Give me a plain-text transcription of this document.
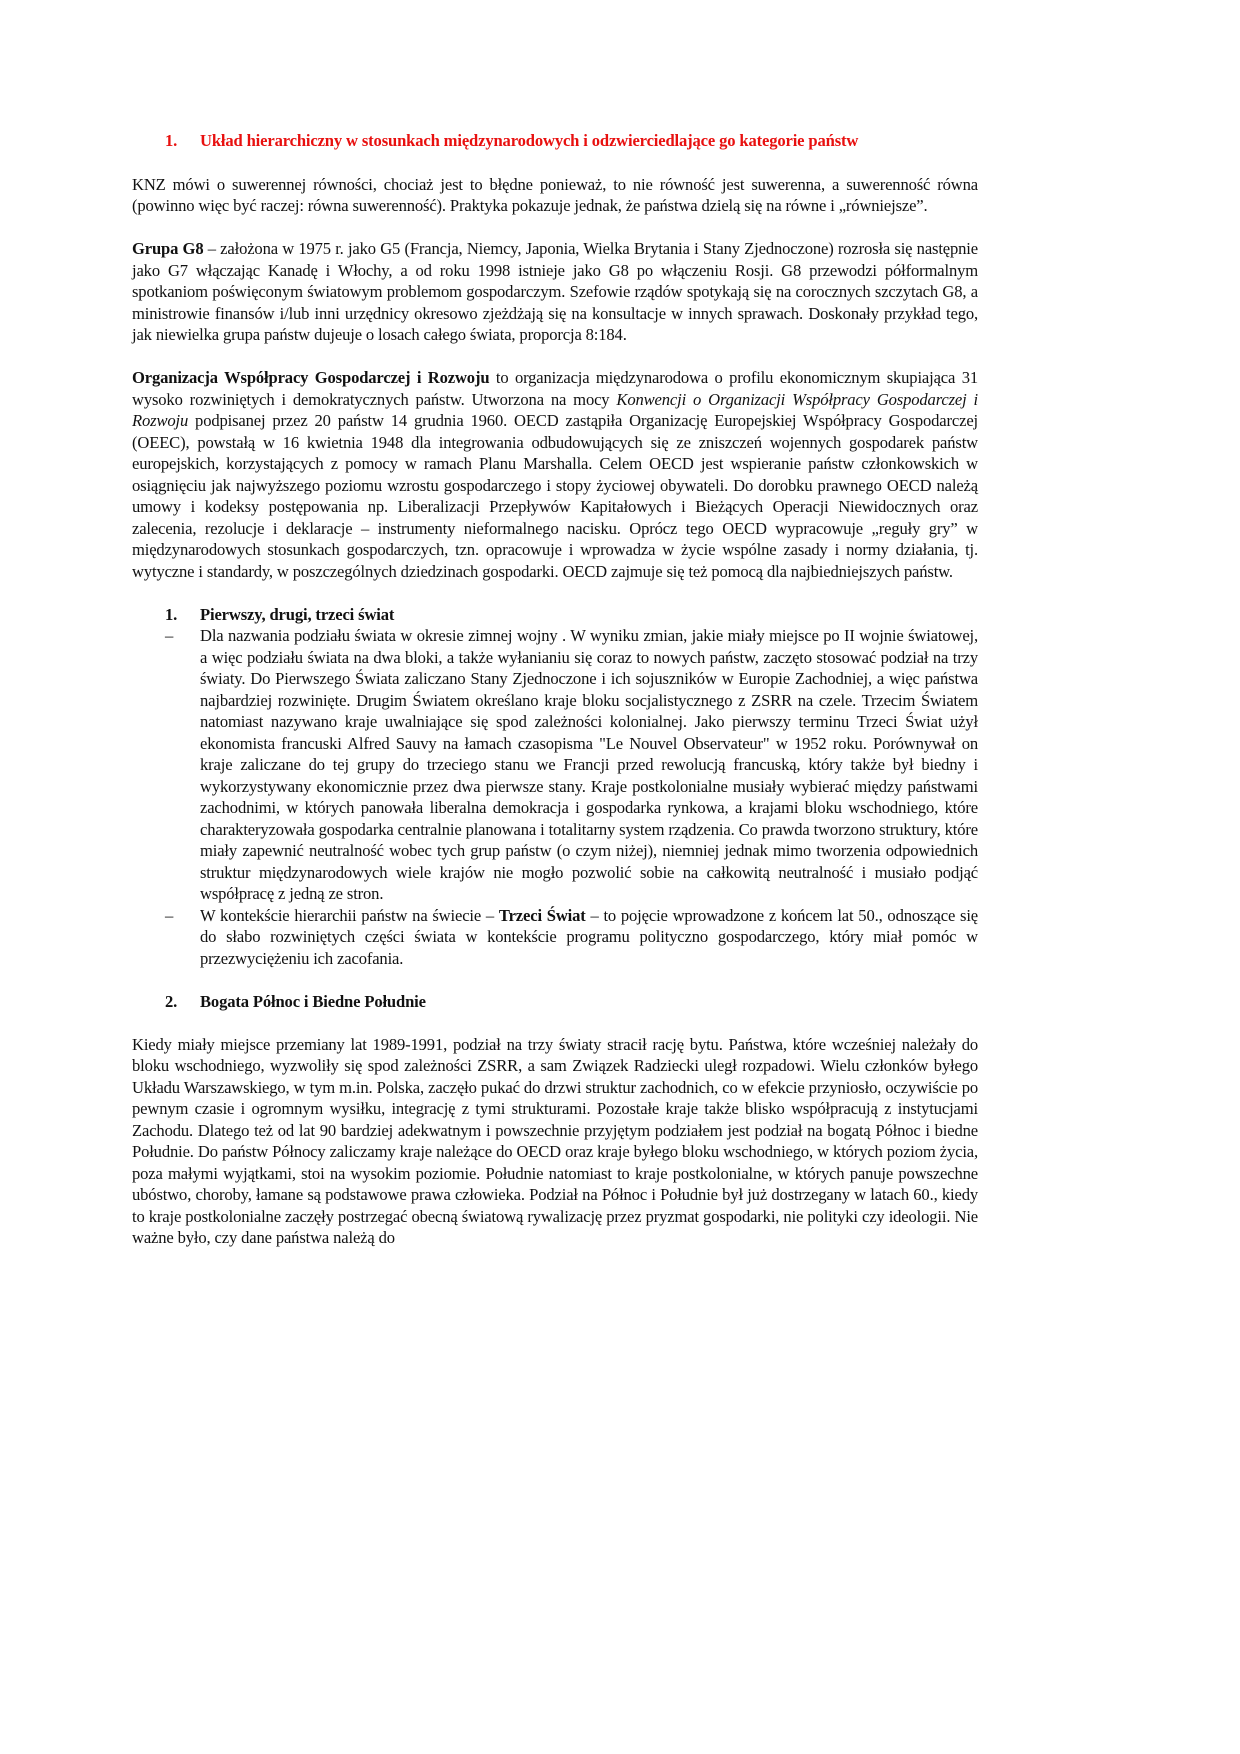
1.	Układ hierarchiczny w stosunkach międzynarodowych i odzwierciedlające go kategorie państw

KNZ mówi o suwerennej równości, chociaż jest to błędne ponieważ, to nie równość jest suwerenna, a suwerenność równa (powinno więc być raczej: równa suwerenność). Praktyka pokazuje jednak, że państwa dzielą się na równe i „równiejsze”.

Grupa G8 – założona w 1975 r. jako G5 (Francja, Niemcy, Japonia, Wielka Brytania i Stany Zjednoczone) rozrosła się następnie jako G7 włączając Kanadę i Włochy, a od roku 1998 istnieje jako G8 po włączeniu Rosji. G8 przewodzi półformalnym spotkaniom poświęconym światowym problemom gospodarczym. Szefowie rządów spotykają się na corocznych szczytach G8, a ministrowie finansów i/lub inni urzędnicy okresowo zjeżdżają się na konsultacje w innych sprawach. Doskonały przykład tego, jak niewielka grupa państw dujeuje o losach całego świata, proporcja 8:184.

Organizacja Współpracy Gospodarczej i Rozwoju to organizacja międzynarodowa o profilu ekonomicznym skupiająca 31 wysoko rozwiniętych i demokratycznych państw. Utworzona na mocy Konwencji o Organizacji Współpracy Gospodarczej i Rozwoju podpisanej przez 20 państw 14 grudnia 1960. OECD zastąpiła Organizację Europejskiej Współpracy Gospodarczej (OEEC), powstałą w 16 kwietnia 1948 dla integrowania odbudowujących się ze zniszczeń wojennych gospodarek państw europejskich, korzystających z pomocy w ramach Planu Marshalla. Celem OECD jest wspieranie państw członkowskich w osiągnięciu jak najwyższego poziomu wzrostu gospodarczego i stopy życiowej obywateli. Do dorobku prawnego OECD należą umowy i kodeksy postępowania np. Liberalizacji Przepływów Kapitałowych i Bieżących Operacji Niewidocznych oraz zalecenia, rezolucje i deklaracje – instrumenty nieformalnego nacisku. Oprócz tego OECD wypracowuje „reguły gry” w międzynarodowych stosunkach gospodarczych, tzn. opracowuje i wprowadza w życie wspólne zasady i normy działania, tj. wytyczne i standardy, w poszczególnych dziedzinach gospodarki. OECD zajmuje się też pomocą dla najbiedniejszych państw.

1.	Pierwszy, drugi, trzeci świat
–	Dla nazwania podziału świata w okresie zimnej wojny . W wyniku zmian, jakie miały miejsce po II wojnie światowej, a więc podziału świata na dwa bloki, a także wyłanianiu się coraz to nowych państw, zaczęto stosować podział na trzy światy. Do Pierwszego Świata zaliczano Stany Zjednoczone i ich sojuszników w Europie Zachodniej, a więc państwa najbardziej rozwinięte. Drugim Światem określano kraje bloku socjalistycznego z ZSRR na czele. Trzecim Światem natomiast nazywano kraje uwalniające się spod zależności kolonialnej. Jako pierwszy terminu Trzeci Świat użył ekonomista francuski Alfred Sauvy na łamach czasopisma "Le Nouvel Observateur" w 1952 roku. Porównywał on kraje zaliczane do tej grupy do trzeciego stanu we Francji przed rewolucją francuską, który także był biedny i wykorzystywany ekonomicznie przez dwa pierwsze stany. Kraje postkolonialne musiały wybierać między państwami zachodnimi, w których panowała liberalna demokracja i gospodarka rynkowa, a krajami bloku wschodniego, które charakteryzowała gospodarka centralnie planowana i totalitarny system rządzenia. Co prawda tworzono struktury, które miały zapewnić neutralność wobec tych grup państw (o czym niżej), niemniej jednak mimo tworzenia odpowiednich struktur międzynarodowych wiele krajów nie mogło pozwolić sobie na całkowitą neutralność i musiało podjąć współpracę z jedną ze stron.

–	W kontekście hierarchii państw na świecie – Trzeci Świat – to pojęcie wprowadzone z końcem lat 50., odnoszące się do słabo rozwiniętych części świata w kontekście programu polityczno gospodarczego, który miał pomóc w przezwyciężeniu ich zacofania.

2.	Bogata Północ i Biedne Południe

Kiedy miały miejsce przemiany lat 1989-1991, podział na trzy światy stracił rację bytu. Państwa, które wcześniej należały do bloku wschodniego, wyzwoliły się spod zależności ZSRR, a sam Związek Radziecki uległ rozpadowi. Wielu członków byłego Układu Warszawskiego, w tym m.in. Polska, zaczęło pukać do drzwi struktur zachodnich, co w efekcie przyniosło, oczywiście po pewnym czasie i ogromnym wysiłku, integrację z tymi strukturami. Pozostałe kraje także blisko współpracują z instytucjami Zachodu. Dlatego też od lat 90 bardziej adekwatnym i powszechnie przyjętym podziałem jest podział na bogatą Północ i biedne Południe. Do państw Północy zaliczamy kraje należące do OECD oraz kraje byłego bloku wschodniego, w których poziom życia, poza małymi wyjątkami, stoi na wysokim poziomie. Południe natomiast to kraje postkolonialne, w których panuje powszechne ubóstwo, choroby, łamane są podstawowe prawa człowieka. Podział na Północ i Południe był już dostrzegany w latach 60., kiedy to kraje postkolonialne zaczęły postrzegać obecną światową rywalizację przez pryzmat gospodarki, nie polityki czy ideologii. Nie ważne było, czy dane państwa należą do
